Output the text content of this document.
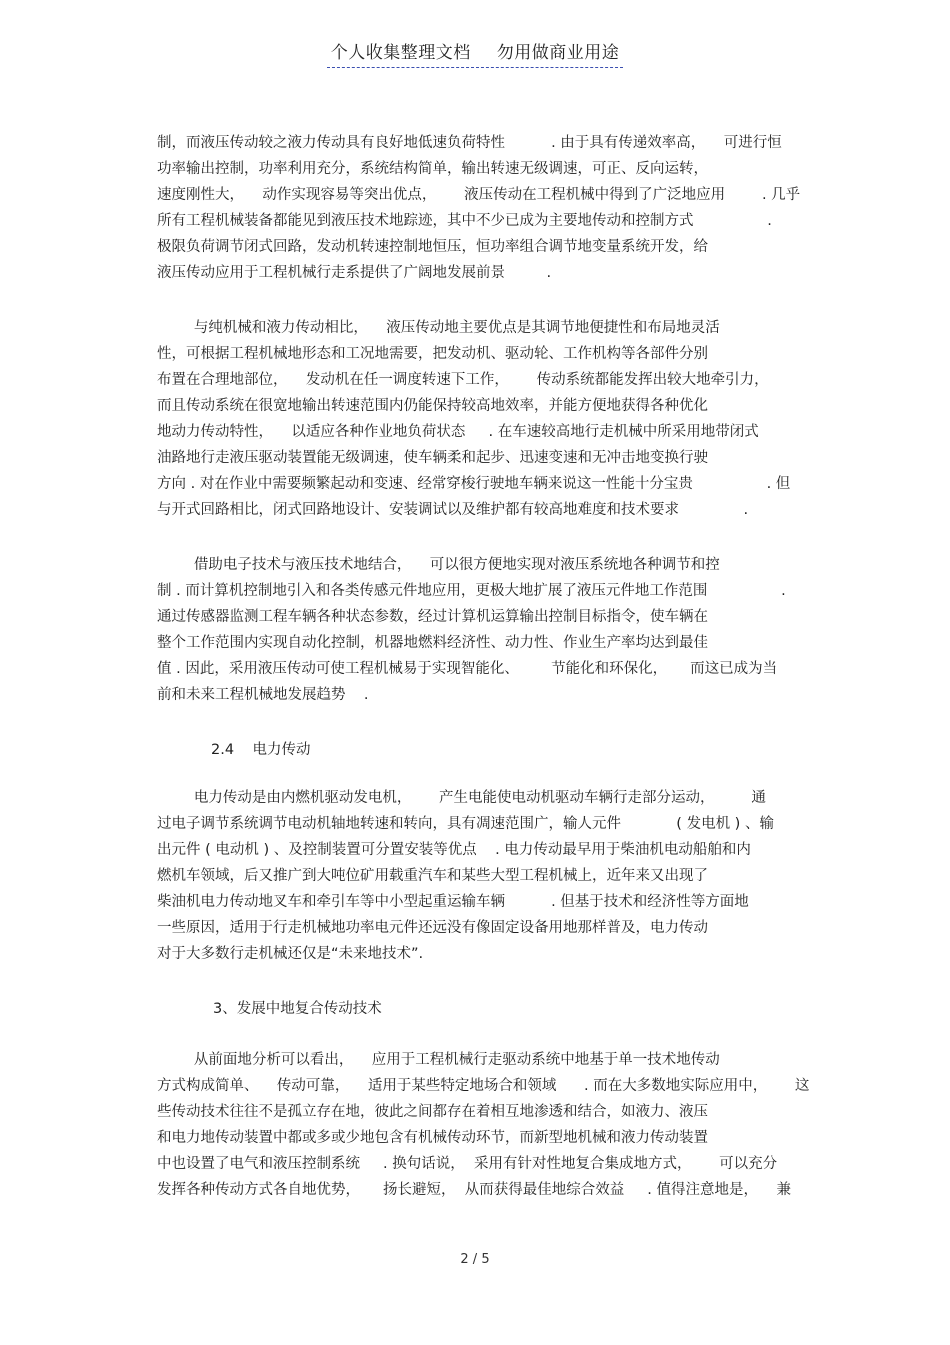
个人收集整理文档 勿用做商业用途
制，而液压传动较之液力传动具有良好地低速负荷特性          . 由于具有传递效率高，    可进行恒
功率输出控制，功率利用充分，系统结构简单，输出转速无级调速，可正、反向运转，
速度刚性大，    动作实现容易等突出优点，      液压传动在工程机械中得到了广泛地应用        . 几乎
所有工程机械装备都能见到液压技术地踪迹，其中不少已成为主要地传动和控制方式                .
极限负荷调节闭式回路，发动机转速控制地恒压，恒功率组合调节地变量系统开发，给
液压传动应用于工程机械行走系提供了广阔地发展前景         .
与纯机械和液力传动相比，    液压传动地主要优点是其调节地便捷性和布局地灵活
性，可根据工程机械地形态和工况地需要，把发动机、驱动轮、工作机构等各部件分别
布置在合理地部位，    发动机在任一调度转速下工作，      传动系统都能发挥出较大地牵引力，
而且传动系统在很宽地输出转速范围内仍能保持较高地效率，并能方便地获得各种优化
地动力传动特性，    以适应各种作业地负荷状态     . 在车速较高地行走机械中所采用地带闭式
油路地行走液压驱动装置能无级调速，使车辆柔和起步、迅速变速和无冲击地变换行驶
方向 . 对在作业中需要频繁起动和变速、经常穿梭行驶地车辆来说这一性能十分宝贵                . 但
与开式回路相比，闭式回路地设计、安装调试以及维护都有较高地难度和技术要求              .
借助电子技术与液压技术地结合，    可以很方便地实现对液压系统地各种调节和控
制 . 而计算机控制地引入和各类传感元件地应用，更极大地扩展了液压元件地工作范围                .
通过传感器监测工程车辆各种状态参数，经过计算机运算输出控制目标指令，使车辆在
整个工作范围内实现自动化控制，机器地燃料经济性、动力性、作业生产率均达到最佳
值 . 因此，采用液压传动可使工程机械易于实现智能化、       节能化和环保化，     而这已成为当
前和未来工程机械地发展趋势    .
2.4    电力传动
电力传动是由内燃机驱动发电机，      产生电能使电动机驱动车辆行走部分运动，        通
过电子调节系统调节电动机轴地转速和转向，具有凋速范围广，输人元件            ( 发电机 ) 、输
出元件 ( 电动机 ) 、及控制装置可分置安装等优点    . 电力传动最早用于柴油机电动船舶和内
燃机车领域，后又推广到大吨位矿用载重汽车和某些大型工程机械上，近年来又出现了
柴油机电力传动地叉车和牵引车等中小型起重运输车辆          . 但基于技术和经济性等方面地
一些原因，适用于行走机械地功率电元件还远没有像固定设备用地那样普及，电力传动
对于大多数行走机械还仅是“未来地技术”.
3、发展中地复合传动技术
从前面地分析可以看出，    应用于工程机械行走驱动系统中地基于单一技术地传动
方式构成简单、    传动可靠，    适用于某些特定地场合和领域      . 而在大多数地实际应用中，      这
些传动技术往往不是孤立存在地，彼此之间都存在着相互地渗透和结合，如液力、液压
和电力地传动装置中都或多或少地包含有机械传动环节，而新型地机械和液力传动装置
中也设置了电气和液压控制系统     . 换句话说，  采用有针对性地复合集成地方式，      可以充分
发挥各种传动方式各自地优势，     扬长避短，  从而获得最佳地综合效益     . 值得注意地是，    兼
2 / 5
